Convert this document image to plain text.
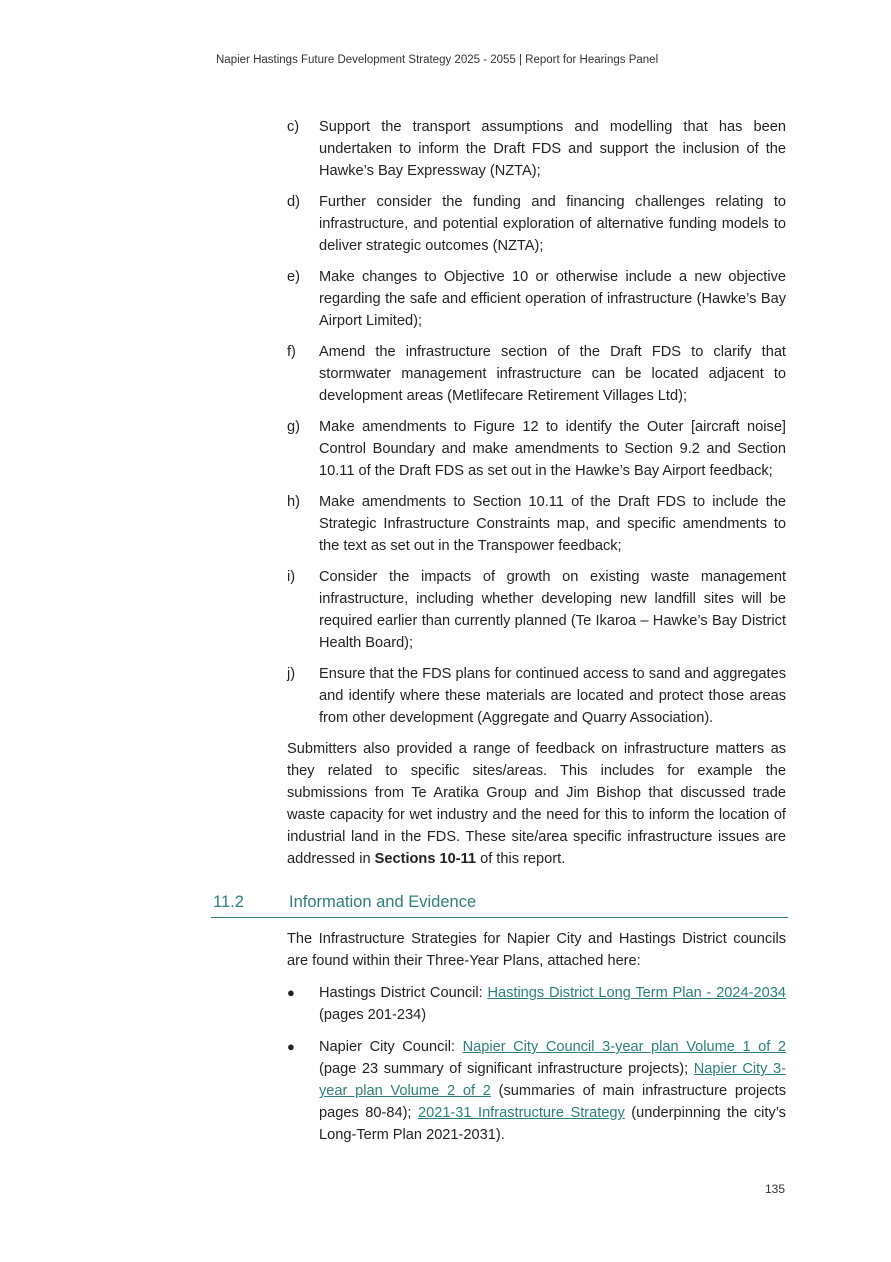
Napier Hastings Future Development Strategy 2025 - 2055 | Report for Hearings Panel
c)	Support the transport assumptions and modelling that has been undertaken to inform the Draft FDS and support the inclusion of the Hawke’s Bay Expressway (NZTA);
d)	Further consider the funding and financing challenges relating to infrastructure, and potential exploration of alternative funding models to deliver strategic outcomes (NZTA);
e)	Make changes to Objective 10 or otherwise include a new objective regarding the safe and efficient operation of infrastructure (Hawke’s Bay Airport Limited);
f)	Amend the infrastructure section of the Draft FDS to clarify that stormwater management infrastructure can be located adjacent to development areas (Metlifecare Retirement Villages Ltd);
g)	Make amendments to Figure 12 to identify the Outer [aircraft noise] Control Boundary and make amendments to Section 9.2 and Section 10.11 of the Draft FDS as set out in the Hawke’s Bay Airport feedback;
h)	Make amendments to Section 10.11 of the Draft FDS to include the Strategic Infrastructure Constraints map, and specific amendments to the text as set out in the Transpower feedback;
i)	Consider the impacts of growth on existing waste management infrastructure, including whether developing new landfill sites will be required earlier than currently planned (Te Ikaroa – Hawke’s Bay District Health Board);
j)	Ensure that the FDS plans for continued access to sand and aggregates and identify where these materials are located and protect those areas from other development (Aggregate and Quarry Association).

Submitters also provided a range of feedback on infrastructure matters as they related to specific sites/areas. This includes for example the submissions from Te Aratika Group and Jim Bishop that discussed trade waste capacity for wet industry and the need for this to inform the location of industrial land in the FDS. These site/area specific infrastructure issues are addressed in Sections 10-11 of this report.

11.2	Information and Evidence

The Infrastructure Strategies for Napier City and Hastings District councils are found within their Three-Year Plans, attached here:

●	Hastings District Council: Hastings District Long Term Plan - 2024-2034 (pages 201-234)
●	Napier City Council: Napier City Council 3-year plan Volume 1 of 2 (page 23 summary of significant infrastructure projects); Napier City 3-year plan Volume 2 of 2 (summaries of main infrastructure projects pages 80-84); 2021-31 Infrastructure Strategy (underpinning the city’s Long-Term Plan 2021-2031).
135
